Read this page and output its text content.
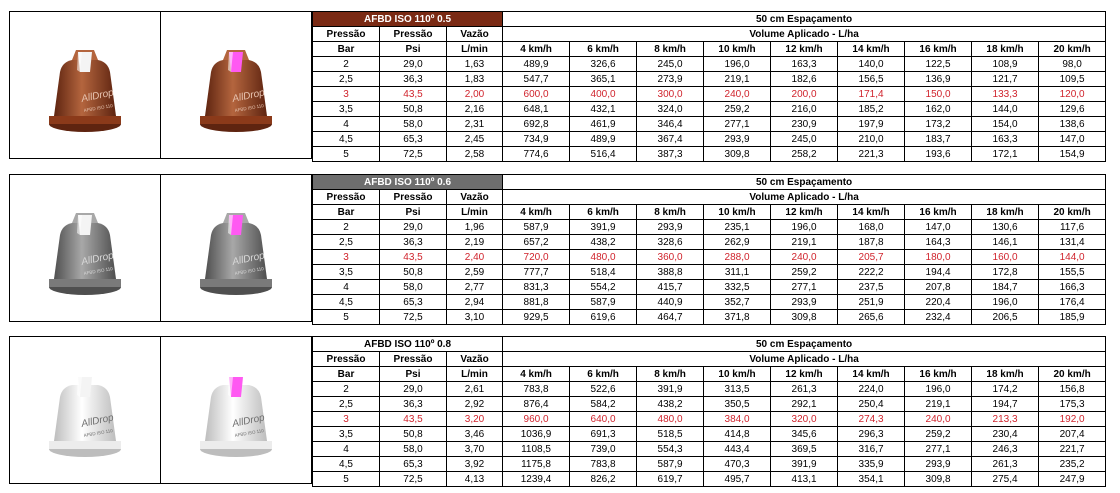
AllDrop
AFBD ISO 110
AllDrop
AFBD ISO 110
AFBD ISO 110º 0.5			50 cm Espaçamento								
Pressão	Pressão	Vazão	Volume Aplicado - L/ha								
Bar	Psi	L/min	4 km/h	6 km/h	8 km/h	10 km/h	12 km/h	14 km/h	16 km/h	18 km/h	20 km/h
2	29,0	1,63	489,9	326,6	245,0	196,0	163,3	140,0	122,5	108,9	98,0
2,5	36,3	1,83	547,7	365,1	273,9	219,1	182,6	156,5	136,9	121,7	109,5
3	43,5	2,00	600,0	400,0	300,0	240,0	200,0	171,4	150,0	133,3	120,0
3,5	50,8	2,16	648,1	432,1	324,0	259,2	216,0	185,2	162,0	144,0	129,6
4	58,0	2,31	692,8	461,9	346,4	277,1	230,9	197,9	173,2	154,0	138,6
4,5	65,3	2,45	734,9	489,9	367,4	293,9	245,0	210,0	183,7	163,3	147,0
5	72,5	2,58	774,6	516,4	387,3	309,8	258,2	221,3	193,6	172,1	154,9
AllDrop
AFBD ISO 110
AllDrop
AFBD ISO 110
AFBD ISO 110º 0.6			50 cm Espaçamento								
Pressão	Pressão	Vazão	Volume Aplicado - L/ha								
Bar	Psi	L/min	4 km/h	6 km/h	8 km/h	10 km/h	12 km/h	14 km/h	16 km/h	18 km/h	20 km/h
2	29,0	1,96	587,9	391,9	293,9	235,1	196,0	168,0	147,0	130,6	117,6
2,5	36,3	2,19	657,2	438,2	328,6	262,9	219,1	187,8	164,3	146,1	131,4
3	43,5	2,40	720,0	480,0	360,0	288,0	240,0	205,7	180,0	160,0	144,0
3,5	50,8	2,59	777,7	518,4	388,8	311,1	259,2	222,2	194,4	172,8	155,5
4	58,0	2,77	831,3	554,2	415,7	332,5	277,1	237,5	207,8	184,7	166,3
4,5	65,3	2,94	881,8	587,9	440,9	352,7	293,9	251,9	220,4	196,0	176,4
5	72,5	3,10	929,5	619,6	464,7	371,8	309,8	265,6	232,4	206,5	185,9
AllDrop
AFBD ISO 110
AllDrop
AFBD ISO 110
AFBD ISO 110º 0.8			50 cm Espaçamento								
Pressão	Pressão	Vazão	Volume Aplicado - L/ha								
Bar	Psi	L/min	4 km/h	6 km/h	8 km/h	10 km/h	12 km/h	14 km/h	16 km/h	18 km/h	20 km/h
2	29,0	2,61	783,8	522,6	391,9	313,5	261,3	224,0	196,0	174,2	156,8
2,5	36,3	2,92	876,4	584,2	438,2	350,5	292,1	250,4	219,1	194,7	175,3
3	43,5	3,20	960,0	640,0	480,0	384,0	320,0	274,3	240,0	213,3	192,0
3,5	50,8	3,46	1036,9	691,3	518,5	414,8	345,6	296,3	259,2	230,4	207,4
4	58,0	3,70	1108,5	739,0	554,3	443,4	369,5	316,7	277,1	246,3	221,7
4,5	65,3	3,92	1175,8	783,8	587,9	470,3	391,9	335,9	293,9	261,3	235,2
5	72,5	4,13	1239,4	826,2	619,7	495,7	413,1	354,1	309,8	275,4	247,9
